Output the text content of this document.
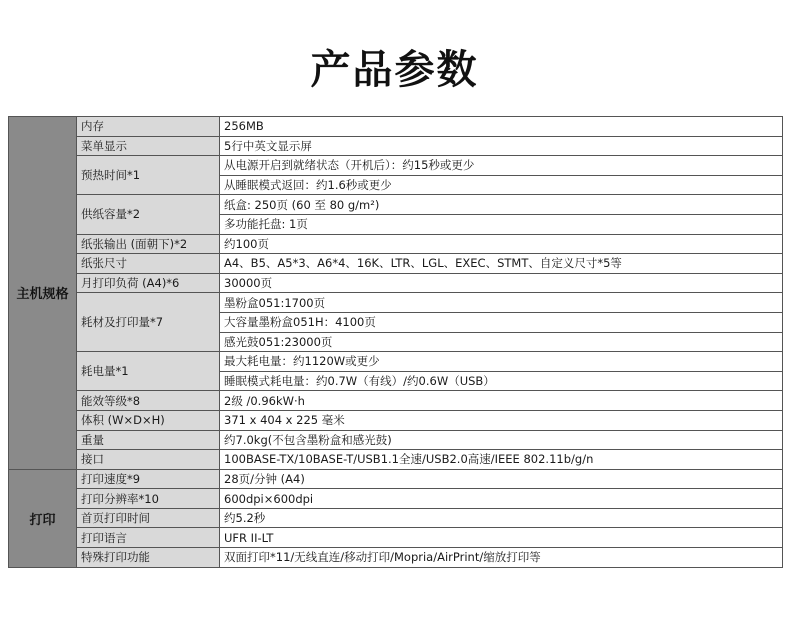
产品参数
主机规格	内存	256MB
	菜单显示	5行中英文显示屏
	预热时间*1	从电源开启到就绪状态（开机后）：约15秒或更少
		从睡眠模式返回：约1.6秒或更少
	供纸容量*2	纸盒: 250页 (60 至 80 g/m²)
		多功能托盘: 1页
	纸张输出 (面朝下)*2	约100页
	纸张尺寸	A4、B5、A5*3、A6*4、16K、LTR、LGL、EXEC、STMT、自定义尺寸*5等
	月打印负荷 (A4)*6	30000页
	耗材及打印量*7	墨粉盒051:1700页
		大容量墨粉盒051H：4100页
		感光鼓051:23000页
	耗电量*1	最大耗电量：约1120W或更少
		睡眠模式耗电量：约0.7W（有线）/约0.6W（USB）
	能效等级*8	2级 /0.96kW·h
	体积 (W×D×H)	371 x 404 x 225 毫米
	重量	约7.0kg(不包含墨粉盒和感光鼓)
	接口	100BASE-TX/10BASE-T/USB1.1全速/USB2.0高速/IEEE 802.11b/g/n
打印	打印速度*9	28页/分钟 (A4)
	打印分辨率*10	600dpi×600dpi
	首页打印时间	约5.2秒
	打印语言	UFR II-LT
	特殊打印功能	双面打印*11/无线直连/移动打印/Mopria/AirPrint/缩放打印等
